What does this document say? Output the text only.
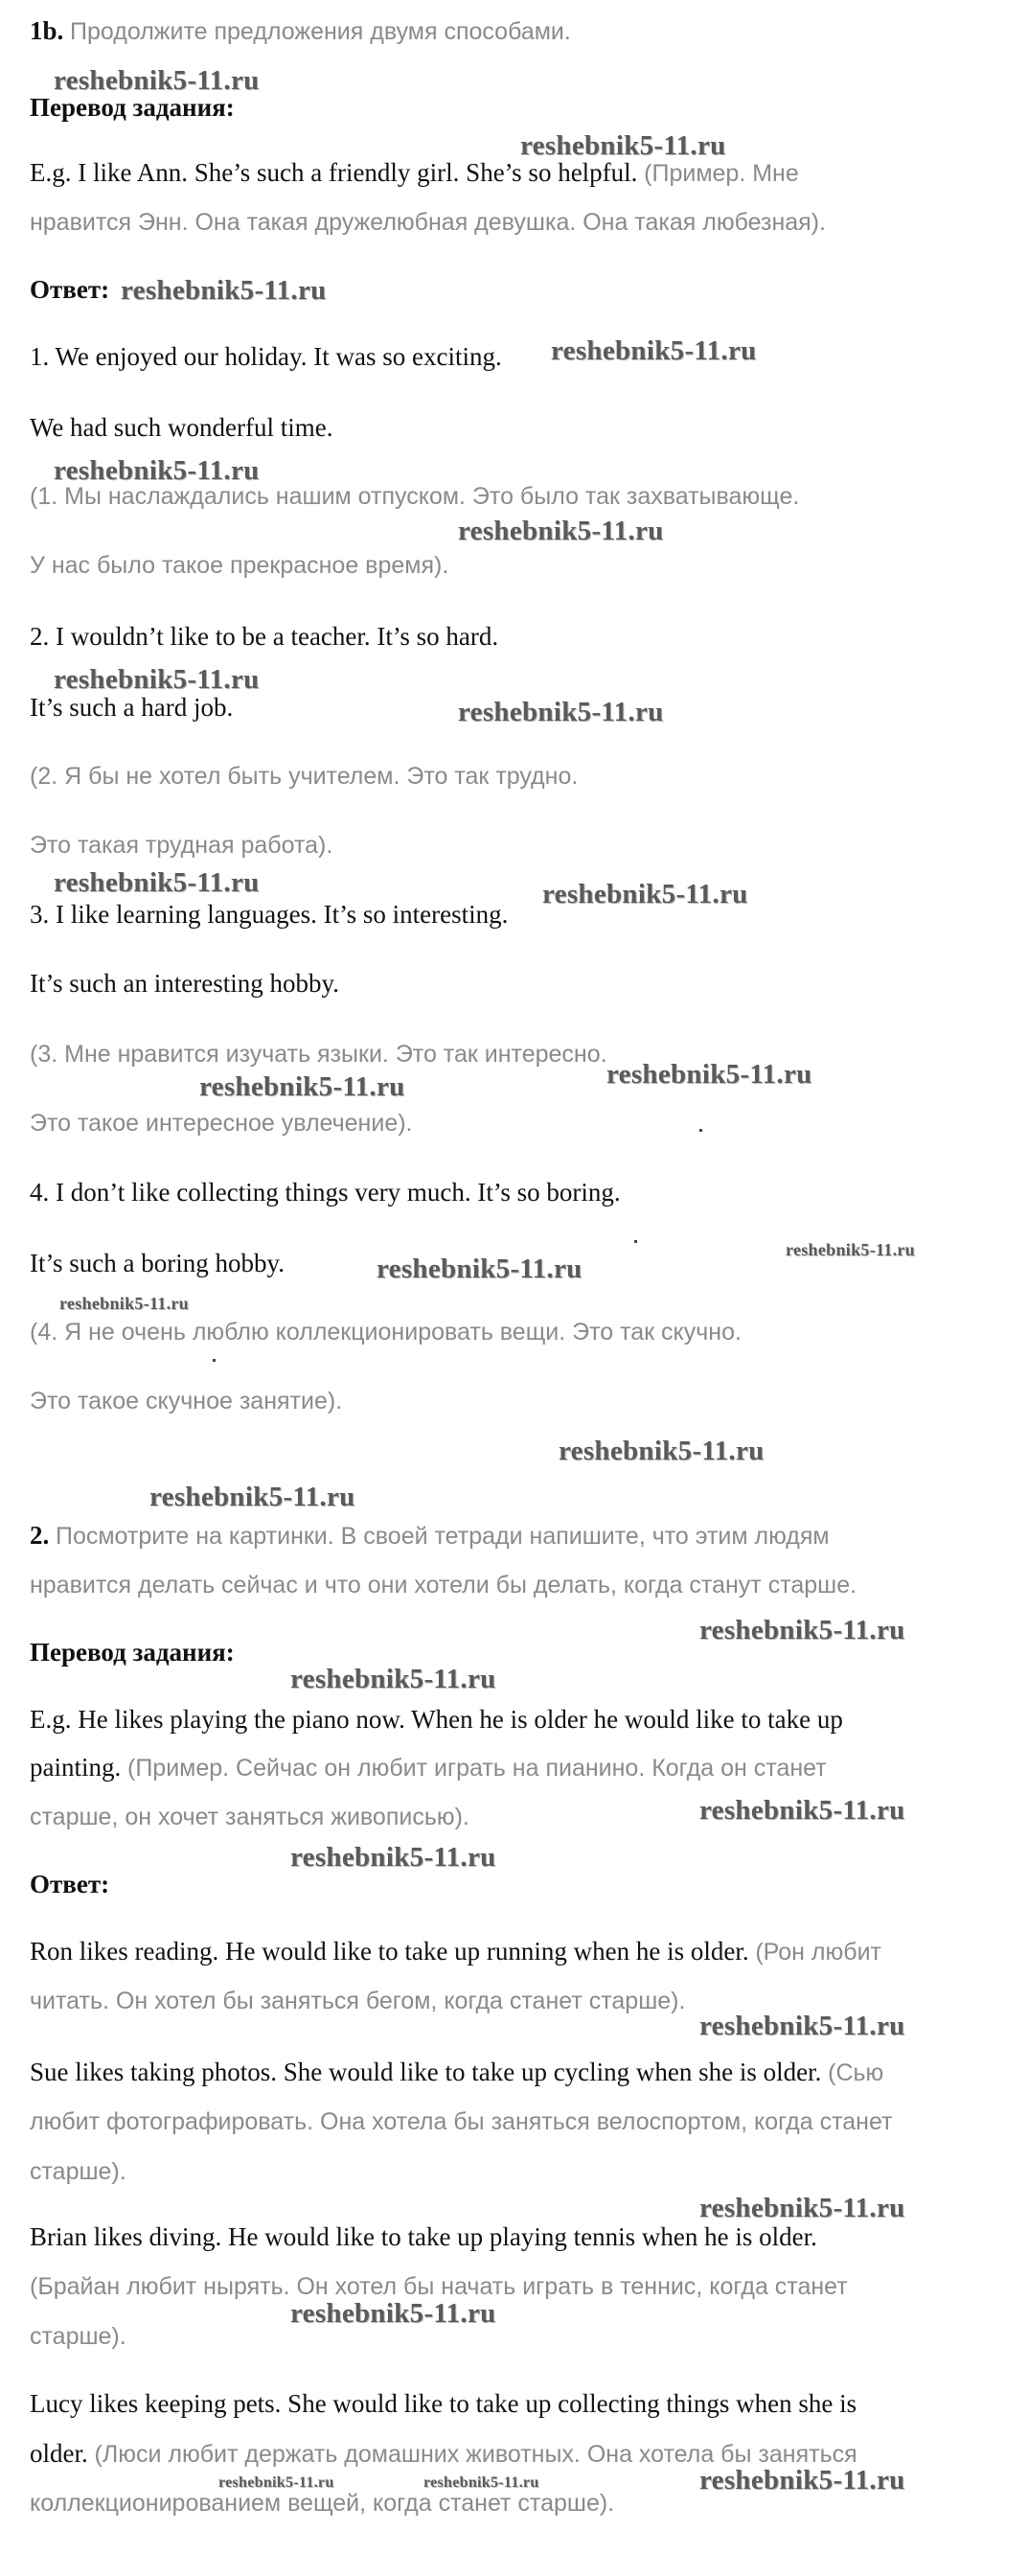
1b. Продолжите предложения двумя способами.
Перевод задания:
E.g. I like Ann. She’s such a friendly girl. She’s so helpful. (Пример. Мне
нравится Энн. Она такая дружелюбная девушка. Она такая любезная).
Ответ:
1. We enjoyed our holiday. It was so exciting.
We had such wonderful time.
(1. Мы наслаждались нашим отпуском. Это было так захватывающе.
У нас было такое прекрасное время).
2. I wouldn’t like to be a teacher. It’s so hard.
It’s such a hard job.
(2. Я бы не хотел быть учителем. Это так трудно.
Это такая трудная работа).
3. I like learning languages. It’s so interesting.
It’s such an interesting hobby.
(3. Мне нравится изучать языки. Это так интересно.
Это такое интересное увлечение).
4. I don’t like collecting things very much. It’s so boring.
It’s such a boring hobby.
(4. Я не очень люблю коллекционировать вещи. Это так скучно.
Это такое скучное занятие).
2. Посмотрите на картинки. В своей тетради напишите, что этим людям
нравится делать сейчас и что они хотели бы делать, когда станут старше.
Перевод задания:
E.g. He likes playing the piano now. When he is older he would like to take up
painting. (Пример. Сейчас он любит играть на пианино. Когда он станет
старше, он хочет заняться живописью).
Ответ:
Ron likes reading. He would like to take up running when he is older. (Рон любит
читать. Он хотел бы заняться бегом, когда станет старше).
Sue likes taking photos. She would like to take up cycling when she is older. (Сью
любит фотографировать. Она хотела бы заняться велоспортом, когда станет
старше).
Brian likes diving. He would like to take up playing tennis when he is older.
(Брайан любит нырять. Он хотел бы начать играть в теннис, когда станет
старше).
Lucy likes keeping pets. She would like to take up collecting things when she is
older. (Люси любит держать домашних животных. Она хотела бы заняться
коллекционированием вещей, когда станет старше).
reshebnik5-11.ru
reshebnik5-11.ru
reshebnik5-11.ru
reshebnik5-11.ru
reshebnik5-11.ru
reshebnik5-11.ru
reshebnik5-11.ru
reshebnik5-11.ru
reshebnik5-11.ru	reshebnik5-11.ru
reshebnik5-11.ru
reshebnik5-11.ru
reshebnik5-11.ru
reshebnik5-11.ru
reshebnik5-11.ru
reshebnik5-11.ru
reshebnik5-11.ru
reshebnik5-11.ru
reshebnik5-11.ru
reshebnik5-11.ru
reshebnik5-11.ru
reshebnik5-11.ru
reshebnik5-11.ru
reshebnik5-11.ru
reshebnik5-11.ru	reshebnik5-11.ru	reshebnik5-11.ru
